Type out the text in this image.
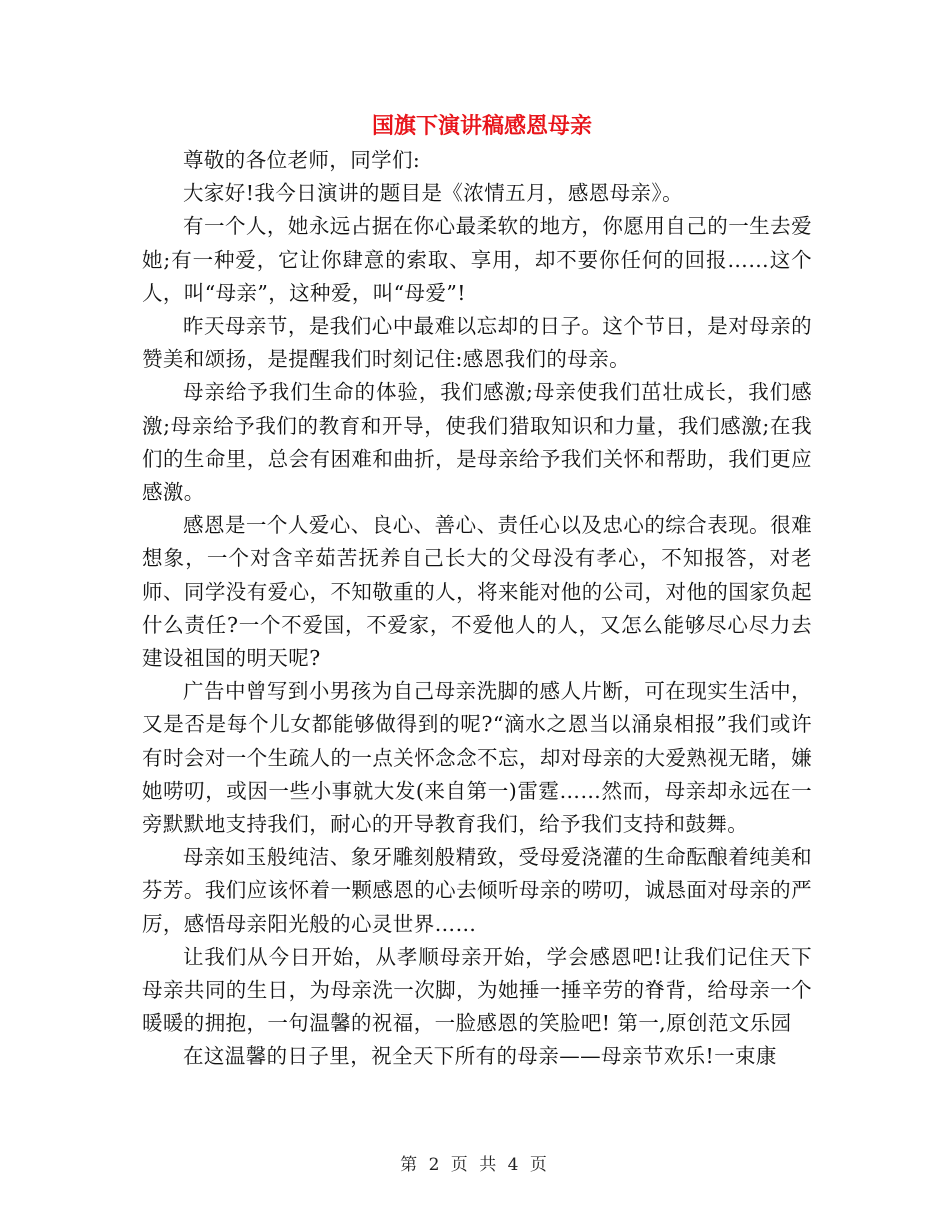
国旗下演讲稿感恩母亲

尊敬的各位老师，同学们:

大家好!我今日演讲的题目是《浓情五月，感恩母亲》。

有一个人，她永远占据在你心最柔软的地方，你愿用自己的一生去爱她;有一种爱，它让你肆意的索取、享用，却不要你任何的回报……这个人，叫“母亲”，这种爱，叫“母爱”!

昨天母亲节，是我们心中最难以忘却的日子。这个节日，是对母亲的赞美和颂扬，是提醒我们时刻记住:感恩我们的母亲。

母亲给予我们生命的体验，我们感激;母亲使我们茁壮成长，我们感激;母亲给予我们的教育和开导，使我们猎取知识和力量，我们感激;在我们的生命里，总会有困难和曲折，是母亲给予我们关怀和帮助，我们更应感激。

感恩是一个人爱心、良心、善心、责任心以及忠心的综合表现。很难想象，一个对含辛茹苦抚养自己长大的父母没有孝心，不知报答，对老师、同学没有爱心，不知敬重的人，将来能对他的公司，对他的国家负起什么责任?一个不爱国，不爱家，不爱他人的人，又怎么能够尽心尽力去建设祖国的明天呢?

广告中曾写到小男孩为自己母亲洗脚的感人片断，可在现实生活中，又是否是每个儿女都能够做得到的呢?“滴水之恩当以涌泉相报”我们或许有时会对一个生疏人的一点关怀念念不忘，却对母亲的大爱熟视无睹，嫌她唠叨，或因一些小事就大发(来自第一)雷霆……然而，母亲却永远在一旁默默地支持我们，耐心的开导教育我们，给予我们支持和鼓舞。

母亲如玉般纯洁、象牙雕刻般精致，受母爱浇灌的生命酝酿着纯美和芬芳。我们应该怀着一颗感恩的心去倾听母亲的唠叨，诚恳面对母亲的严厉，感悟母亲阳光般的心灵世界……

让我们从今日开始，从孝顺母亲开始，学会感恩吧!让我们记住天下母亲共同的生日，为母亲洗一次脚，为她捶一捶辛劳的脊背，给母亲一个暖暖的拥抱，一句温馨的祝福，一脸感恩的笑脸吧! 第一,原创范文乐园

在这温馨的日子里，祝全天下所有的母亲——母亲节欢乐!一束康

第 2 页 共 4 页
